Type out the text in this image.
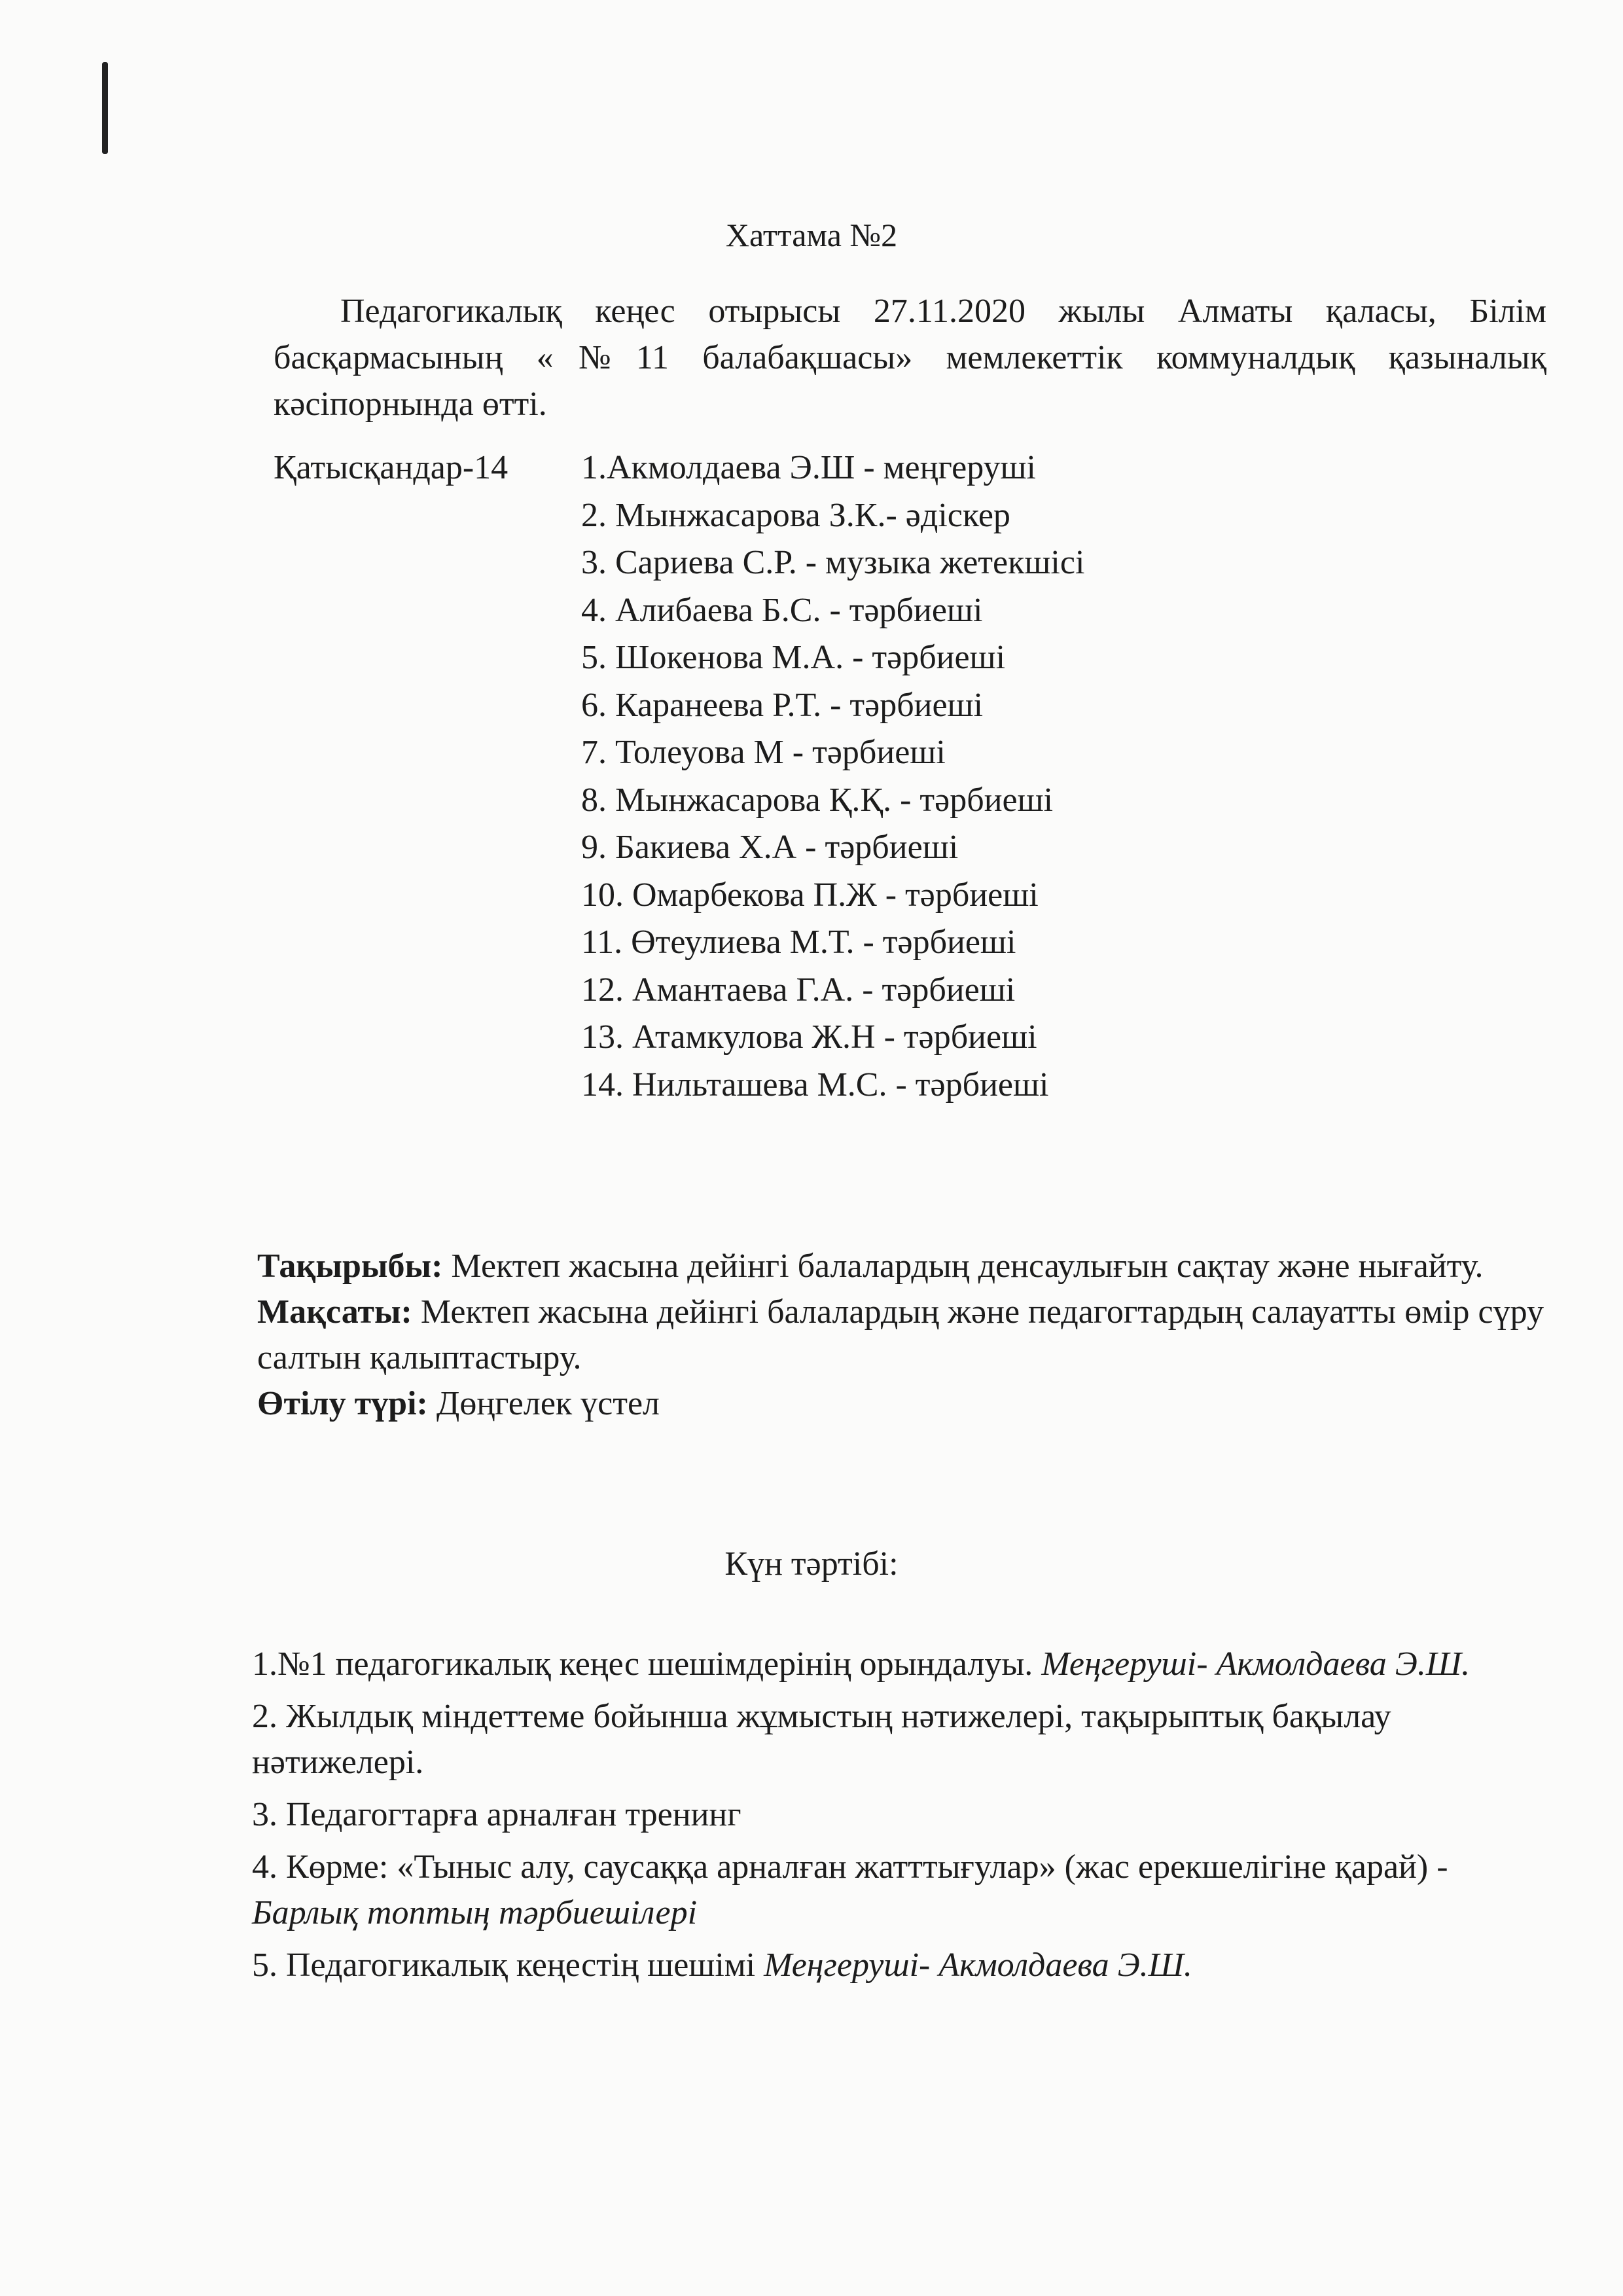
Хаттама №2
Педагогикалық кеңес отырысы 27.11.2020 жылы Алматы қаласы, Білім басқармасының «№11 балабақшасы» мемлекеттік коммуналдық қазыналық кәсіпорнында өтті.
Қатысқандар-14 1.Акмолдаева Э.Ш - меңгеруші
2. Мынжасарова З.К.- әдіскер
3. Сариева С.Р. - музыка жетекшісі
4. Алибаева Б.С. - тәрбиеші
5. Шокенова М.А. - тәрбиеші
6. Каранеева Р.Т. - тәрбиеші
7. Толеуова М - тәрбиеші
8. Мынжасарова Қ.Қ. - тәрбиеші
9. Бакиева Х.А - тәрбиеші
10. Омарбекова П.Ж - тәрбиеші
11. Өтеулиева М.Т. - тәрбиеші
12. Амантаева Г.А. - тәрбиеші
13. Атамкулова Ж.Н - тәрбиеші
14. Нильташева М.С. - тәрбиеші

Тақырыбы: Мектеп жасына дейінгі балалардың денсаулығын сақтау және нығайту.

Мақсаты: Мектеп жасына дейінгі балалардың және педагогтардың салауатты өмір сүру салтын қалыптастыру.

Өтілу түрі: Дөңгелек үстел

Күн тәртібі:

1.№1 педагогикалық кеңес шешімдерінің орындалуы. Меңгеруші- Акмолдаева Э.Ш.

2. Жылдық міндеттеме бойынша жұмыстың нәтижелері, тақырыптық бақылау нәтижелері.

3. Педагогтарға арналған тренинг

4. Көрме: «Тыныс алу, саусаққа арналған жатттығулар» (жас ерекшелігіне қарай) - Барлық топтың тәрбиешілері

5. Педагогикалық кеңестің шешімі Меңгеруші- Акмолдаева Э.Ш.
